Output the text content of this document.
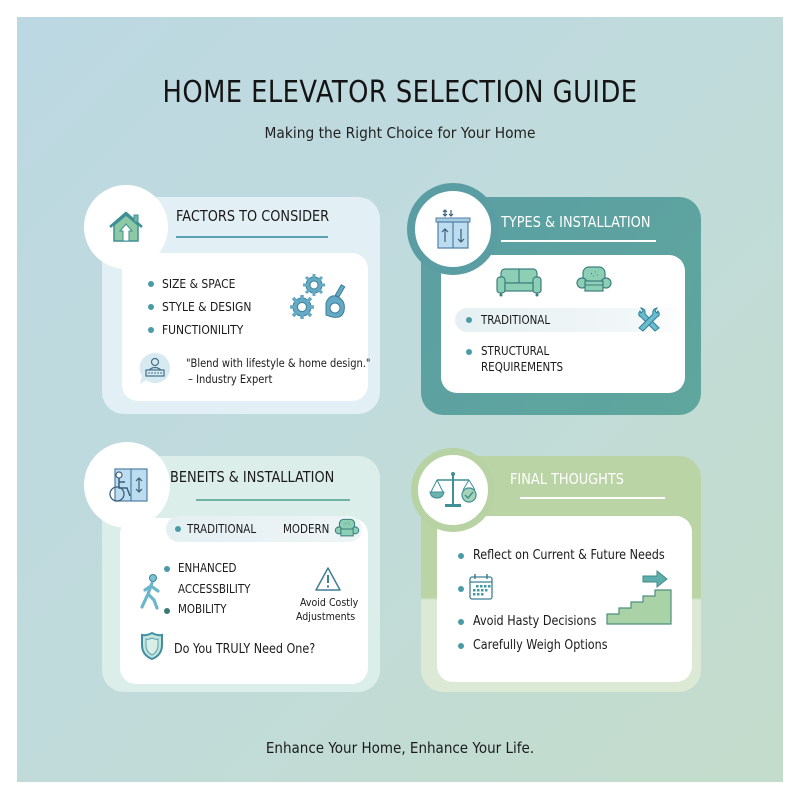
HOME ELEVATOR SELECTION GUIDE
Making the Right Choice for Your Home
Enhance Your Home, Enhance Your Life.
FACTORS TO CONSIDER
SIZE & SPACE
STYLE & DESIGN
FUNCTIONILITY
"Blend with lifestyle & home design."
– Industry Expert
TYPES & INSTALLATION
TRADITIONAL
STRUCTURAL
REQUIREMENTS
BENEITS & INSTALLATION
TRADITIONAL MODERN
ENHANCED
ACCESSBILITY
MOBILITY	Avoid Costly
Adjustments
Do You TRULY Need One?
FINAL THOUGHTS
Reflect on Current & Future Needs
Avoid Hasty Decisions
Carefully Weigh Options
